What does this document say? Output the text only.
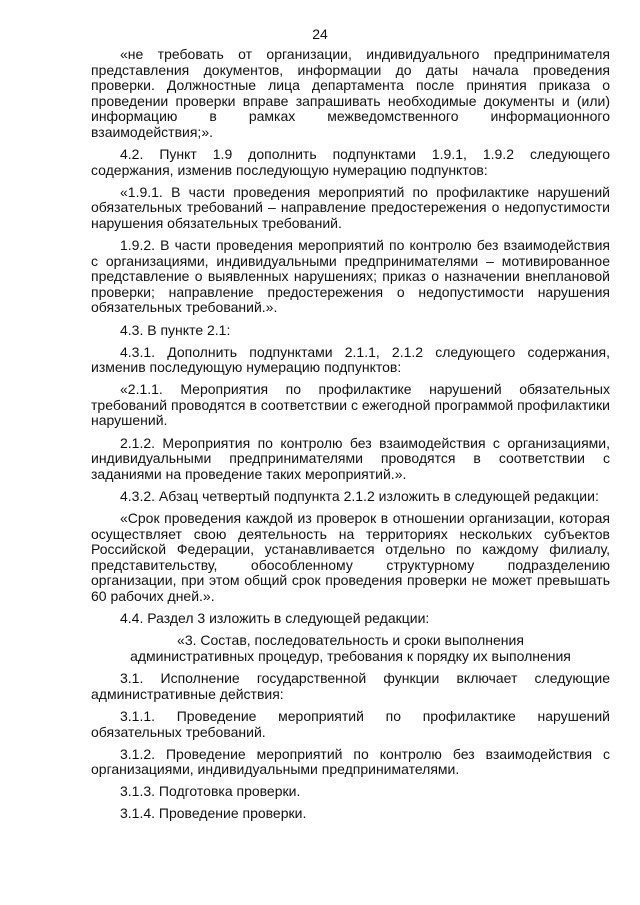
24

«не требовать от организации, индивидуального предпринимателя представления документов, информации до даты начала проведения проверки. Должностные лица департамента после принятия приказа о проведении проверки вправе запрашивать необходимые документы и (или) информацию в рамках межведомственного информационного взаимодействия;».

4.2. Пункт 1.9 дополнить подпунктами 1.9.1, 1.9.2 следующего содержания, изменив последующую нумерацию подпунктов:

«1.9.1. В части проведения мероприятий по профилактике нарушений обязательных требований – направление предостережения о недопустимости нарушения обязательных требований.

1.9.2. В части проведения мероприятий по контролю без взаимодействия с организациями, индивидуальными предпринимателями – мотивированное представление о выявленных нарушениях; приказ о назначении внеплановой проверки; направление предостережения о недопустимости нарушения обязательных требований.».

4.3. В пункте 2.1:

4.3.1. Дополнить подпунктами 2.1.1, 2.1.2 следующего содержания, изменив последующую нумерацию подпунктов:

«2.1.1. Мероприятия по профилактике нарушений обязательных требований проводятся в соответствии с ежегодной программой профилактики нарушений.

2.1.2. Мероприятия по контролю без взаимодействия с организациями, индивидуальными предпринимателями проводятся в соответствии с заданиями на проведение таких мероприятий.».

4.3.2. Абзац четвертый подпункта 2.1.2 изложить в следующей редакции:

«Срок проведения каждой из проверок в отношении организации, которая осуществляет свою деятельность на территориях нескольких субъектов Российской Федерации, устанавливается отдельно по каждому филиалу, представительству, обособленному структурному подразделению организации, при этом общий срок проведения проверки не может превышать 60 рабочих дней.».

4.4. Раздел 3 изложить в следующей редакции:

«3. Состав, последовательность и сроки выполнения
административных процедур, требования к порядку их выполнения

3.1. Исполнение государственной функции включает следующие административные действия:

3.1.1. Проведение мероприятий по профилактике нарушений обязательных требований.

3.1.2. Проведение мероприятий по контролю без взаимодействия с организациями, индивидуальными предпринимателями.

3.1.3. Подготовка проверки.

3.1.4. Проведение проверки.
